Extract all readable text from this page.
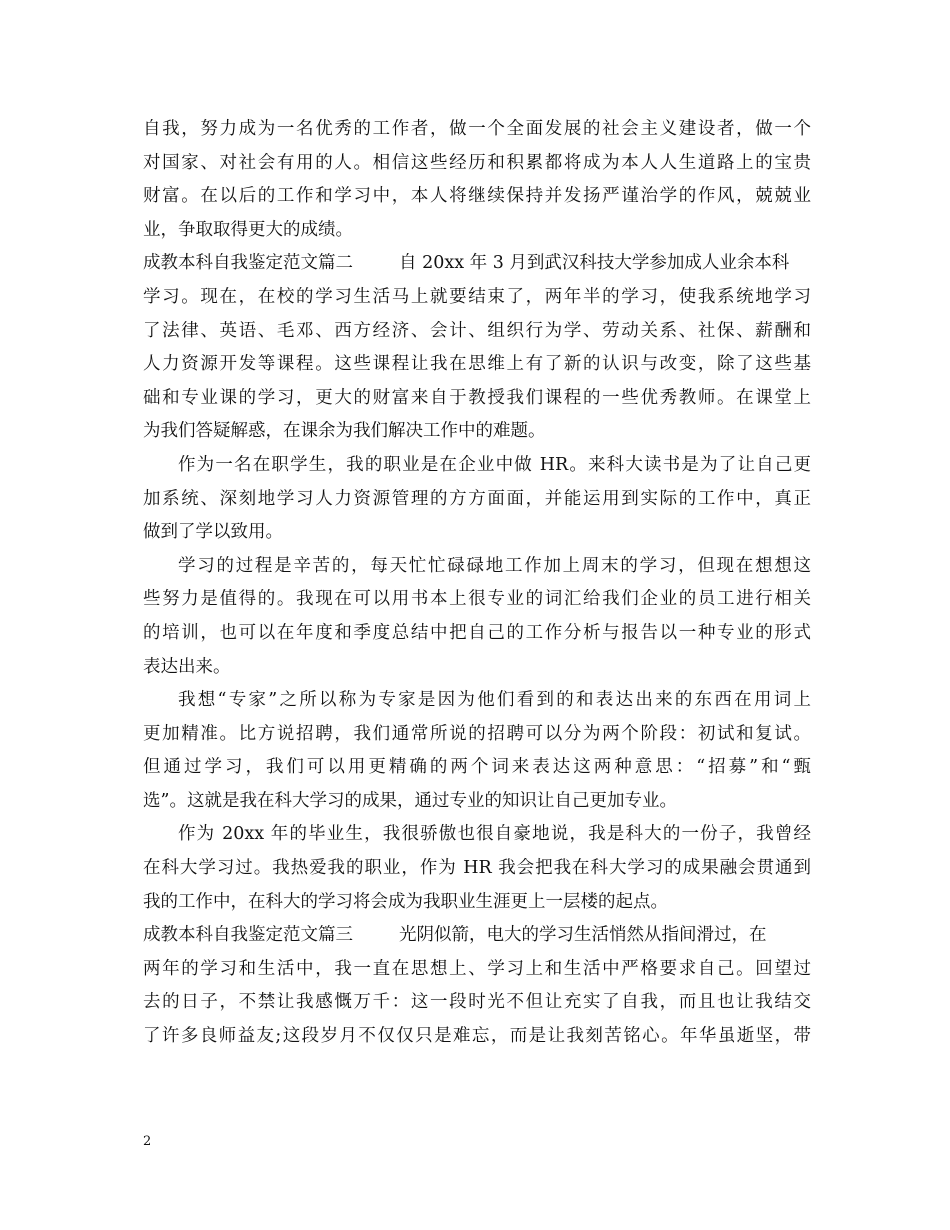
自我，努力成为一名优秀的工作者，做一个全面发展的社会主义建设者，做一个
对国家、对社会有用的人。相信这些经历和积累都将成为本人人生道路上的宝贵
财富。在以后的工作和学习中，本人将继续保持并发扬严谨治学的作风，兢兢业
业，争取取得更大的成绩。
成教本科自我鉴定范文篇二	自 20xx 年 3 月到武汉科技大学参加成人业余本科
学习。现在，在校的学习生活马上就要结束了，两年半的学习，使我系统地学习
了法律、英语、毛邓、西方经济、会计、组织行为学、劳动关系、社保、薪酬和
人力资源开发等课程。这些课程让我在思维上有了新的认识与改变，除了这些基
础和专业课的学习，更大的财富来自于教授我们课程的一些优秀教师。在课堂上
为我们答疑解惑，在课余为我们解决工作中的难题。
作为一名在职学生，我的职业是在企业中做 HR。来科大读书是为了让自己更
加系统、深刻地学习人力资源管理的方方面面，并能运用到实际的工作中，真正
做到了学以致用。
学习的过程是辛苦的，每天忙忙碌碌地工作加上周末的学习，但现在想想这
些努力是值得的。我现在可以用书本上很专业的词汇给我们企业的员工进行相关
的培训，也可以在年度和季度总结中把自己的工作分析与报告以一种专业的形式
表达出来。
我想“专家”之所以称为专家是因为他们看到的和表达出来的东西在用词上
更加精准。比方说招聘，我们通常所说的招聘可以分为两个阶段：初试和复试。
但通过学习，我们可以用更精确的两个词来表达这两种意思：“招募”和“甄
选”。这就是我在科大学习的成果，通过专业的知识让自己更加专业。
作为 20xx 年的毕业生，我很骄傲也很自豪地说，我是科大的一份子，我曾经
在科大学习过。我热爱我的职业，作为 HR 我会把我在科大学习的成果融会贯通到
我的工作中，在科大的学习将会成为我职业生涯更上一层楼的起点。
成教本科自我鉴定范文篇三	光阴似箭，电大的学习生活悄然从指间滑过，在
两年的学习和生活中，我一直在思想上、学习上和生活中严格要求自己。回望过
去的日子，不禁让我感慨万千：这一段时光不但让充实了自我，而且也让我结交
了许多良师益友;这段岁月不仅仅只是难忘，而是让我刻苦铭心。年华虽逝坚，带
2
